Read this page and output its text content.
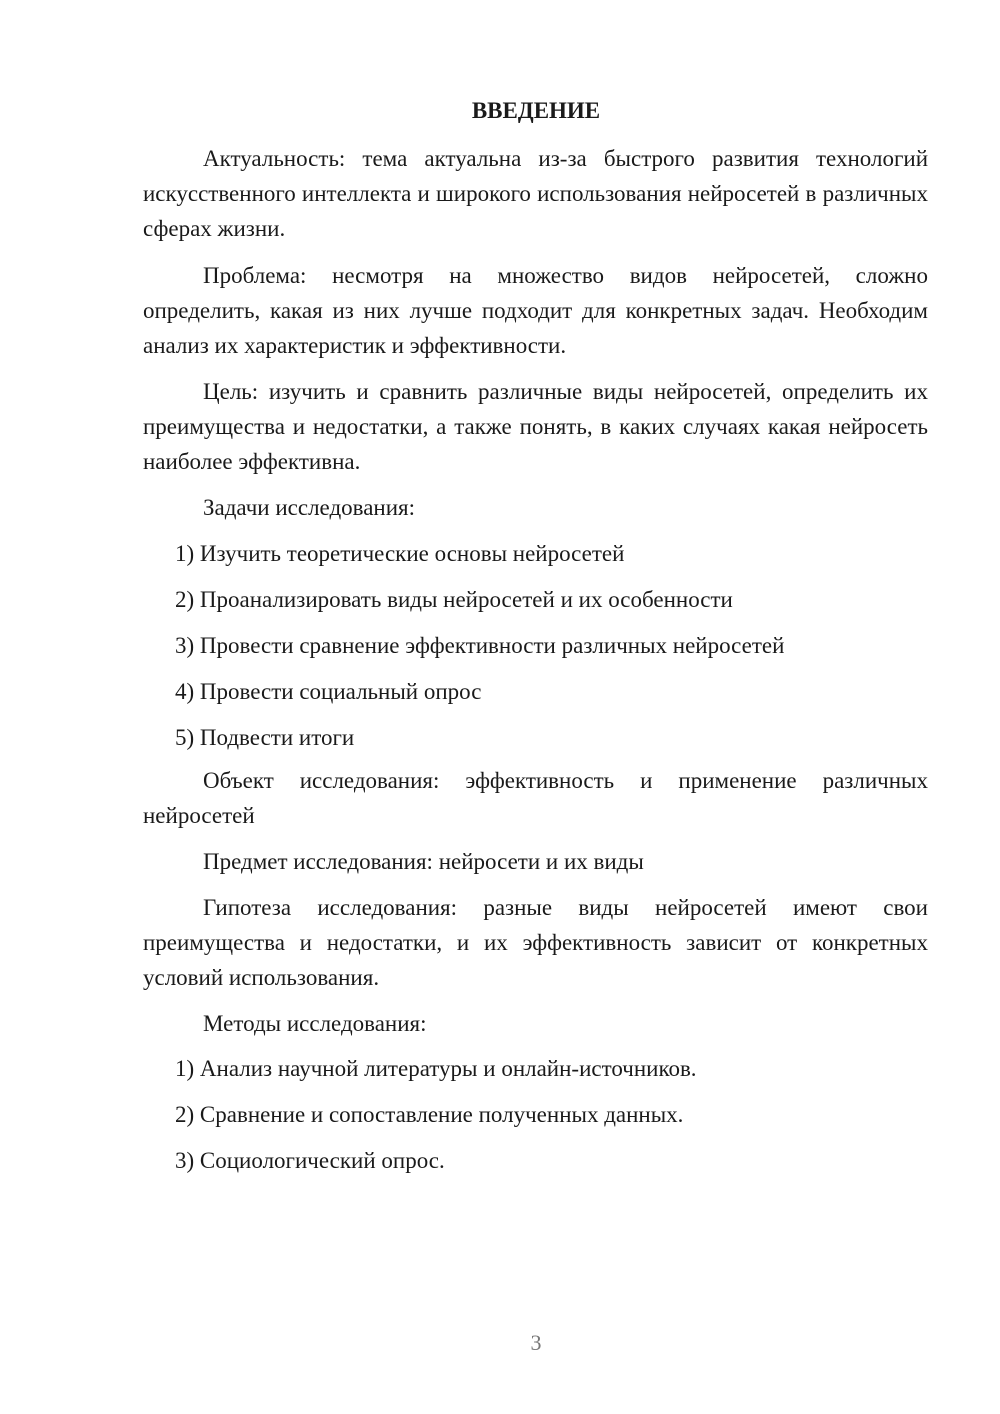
ВВЕДЕНИЕ

Актуальность: тема актуальна из-за быстрого развития технологий искусственного интеллекта и широкого использования нейросетей в различных сферах жизни.

Проблема: несмотря на множество видов нейросетей, сложно определить, какая из них лучше подходит для конкретных задач. Необходим анализ их характеристик и эффективности.

Цель: изучить и сравнить различные виды нейросетей, определить их преимущества и недостатки, а также понять, в каких случаях какая нейросеть наиболее эффективна.

Задачи исследования:

1) Изучить теоретические основы нейросетей

2) Проанализировать виды нейросетей и их особенности

3) Провести сравнение эффективности различных нейросетей

4) Провести социальный опрос

5) Подвести итоги

Объект исследования: эффективность и применение различных нейросетей

Предмет исследования: нейросети и их виды

Гипотеза исследования: разные виды нейросетей имеют свои преимущества и недостатки, и их эффективность зависит от конкретных условий использования.

Методы исследования:

1) Анализ научной литературы и онлайн-источников.

2) Сравнение и сопоставление полученных данных.

3) Социологический опрос.

3
